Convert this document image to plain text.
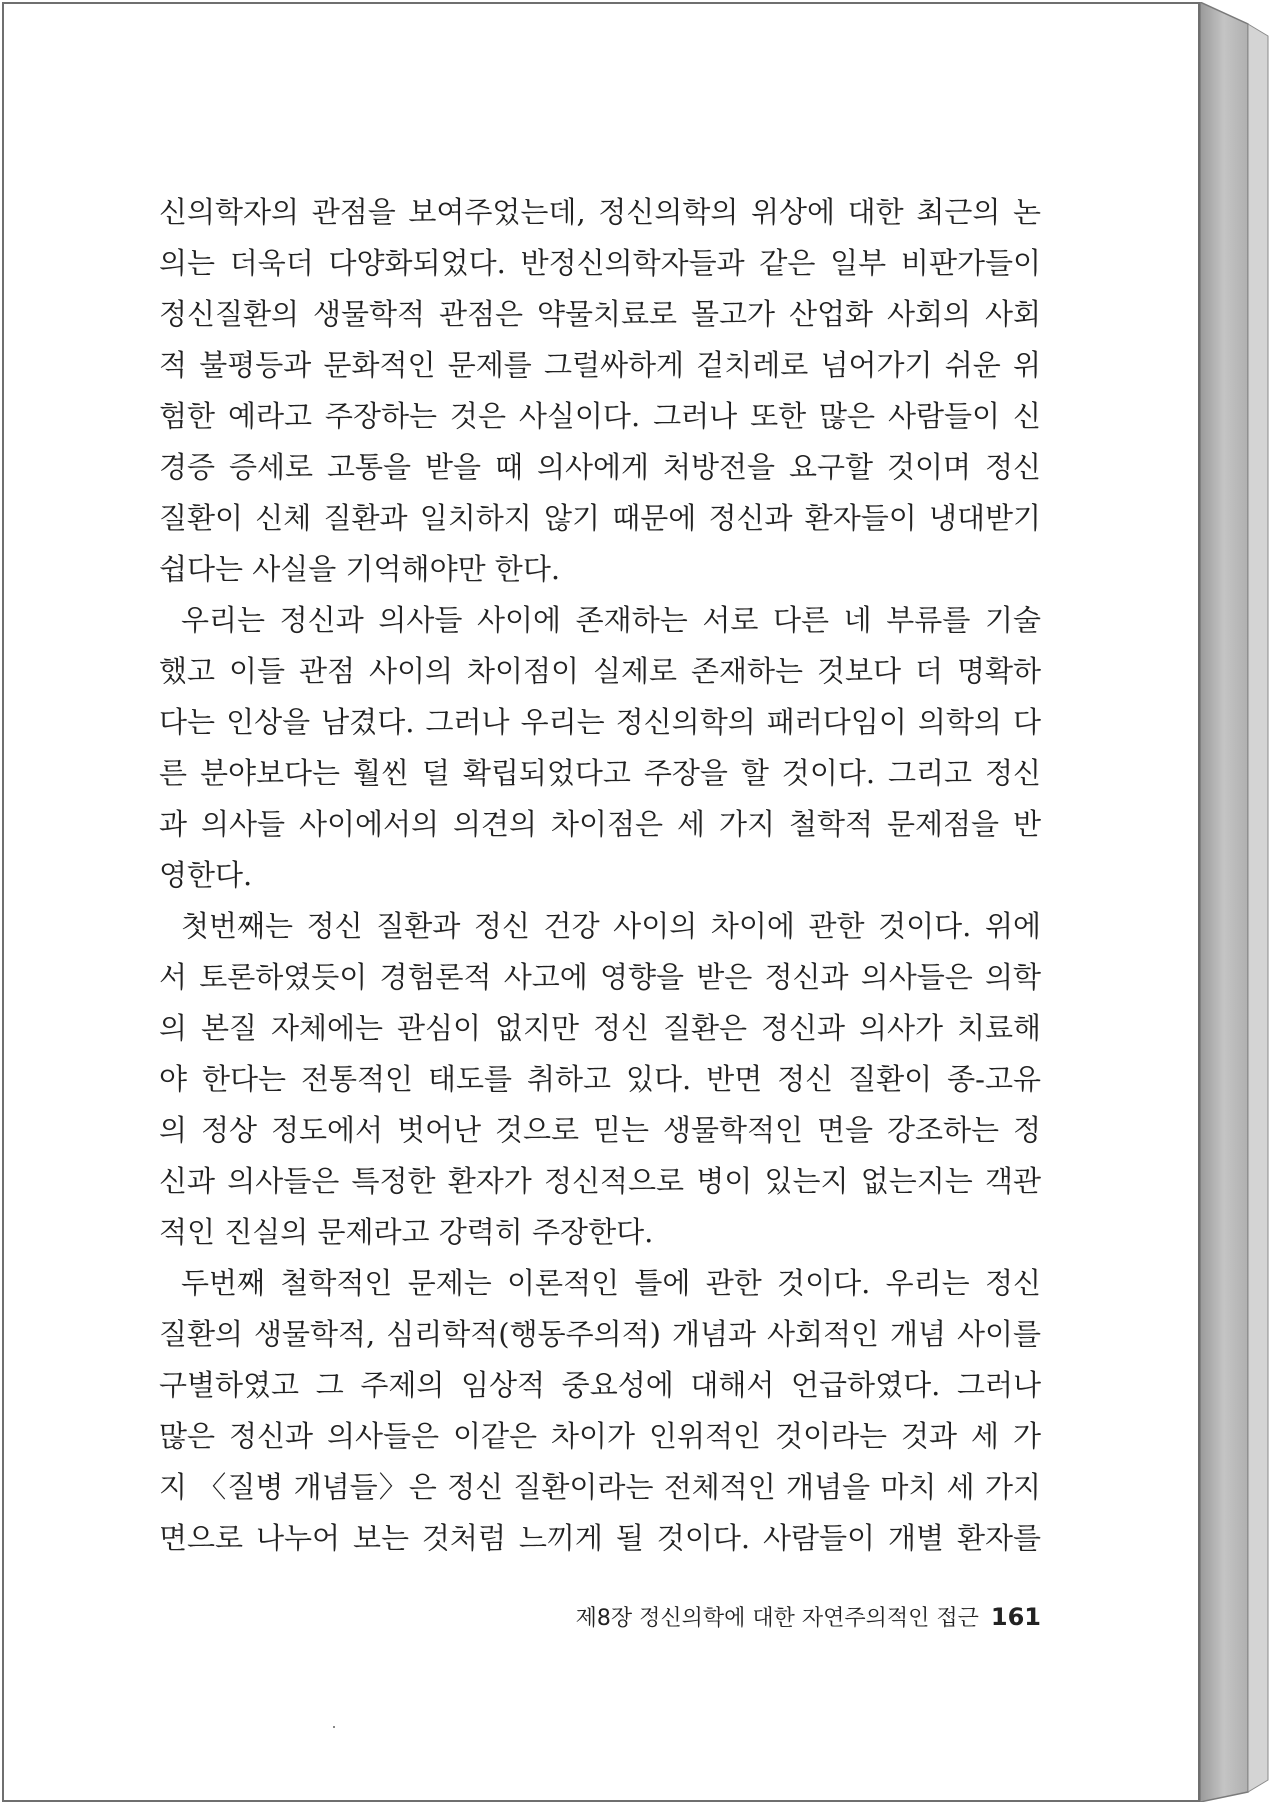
신의학자의 관점을 보여주었는데, 정신의학의 위상에 대한 최근의 논
의는 더욱더 다양화되었다. 반정신의학자들과 같은 일부 비판가들이
정신질환의 생물학적 관점은 약물치료로 몰고가 산업화 사회의 사회
적 불평등과 문화적인 문제를 그럴싸하게 겉치레로 넘어가기 쉬운 위
험한 예라고 주장하는 것은 사실이다. 그러나 또한 많은 사람들이 신
경증 증세로 고통을 받을 때 의사에게 처방전을 요구할 것이며 정신
질환이 신체 질환과 일치하지 않기 때문에 정신과 환자들이 냉대받기
쉽다는 사실을 기억해야만 한다.
우리는 정신과 의사들 사이에 존재하는 서로 다른 네 부류를 기술
했고 이들 관점 사이의 차이점이 실제로 존재하는 것보다 더 명확하
다는 인상을 남겼다. 그러나 우리는 정신의학의 패러다임이 의학의 다
른 분야보다는 훨씬 덜 확립되었다고 주장을 할 것이다. 그리고 정신
과 의사들 사이에서의 의견의 차이점은 세 가지 철학적 문제점을 반
영한다.
첫번째는 정신 질환과 정신 건강 사이의 차이에 관한 것이다. 위에
서 토론하였듯이 경험론적 사고에 영향을 받은 정신과 의사들은 의학
의 본질 자체에는 관심이 없지만 정신 질환은 정신과 의사가 치료해
야 한다는 전통적인 태도를 취하고 있다. 반면 정신 질환이 종-고유
의 정상 정도에서 벗어난 것으로 믿는 생물학적인 면을 강조하는 정
신과 의사들은 특정한 환자가 정신적으로 병이 있는지 없는지는 객관
적인 진실의 문제라고 강력히 주장한다.
두번째 철학적인 문제는 이론적인 틀에 관한 것이다. 우리는 정신
질환의 생물학적, 심리학적(행동주의적) 개념과 사회적인 개념 사이를
구별하였고 그 주제의 임상적 중요성에 대해서 언급하였다. 그러나
많은 정신과 의사들은 이같은 차이가 인위적인 것이라는 것과 세 가
지 〈질병 개념들〉은 정신 질환이라는 전체적인 개념을 마치 세 가지
면으로 나누어 보는 것처럼 느끼게 될 것이다. 사람들이 개별 환자를
제8장 정신의학에 대한 자연주의적인 접근 161
